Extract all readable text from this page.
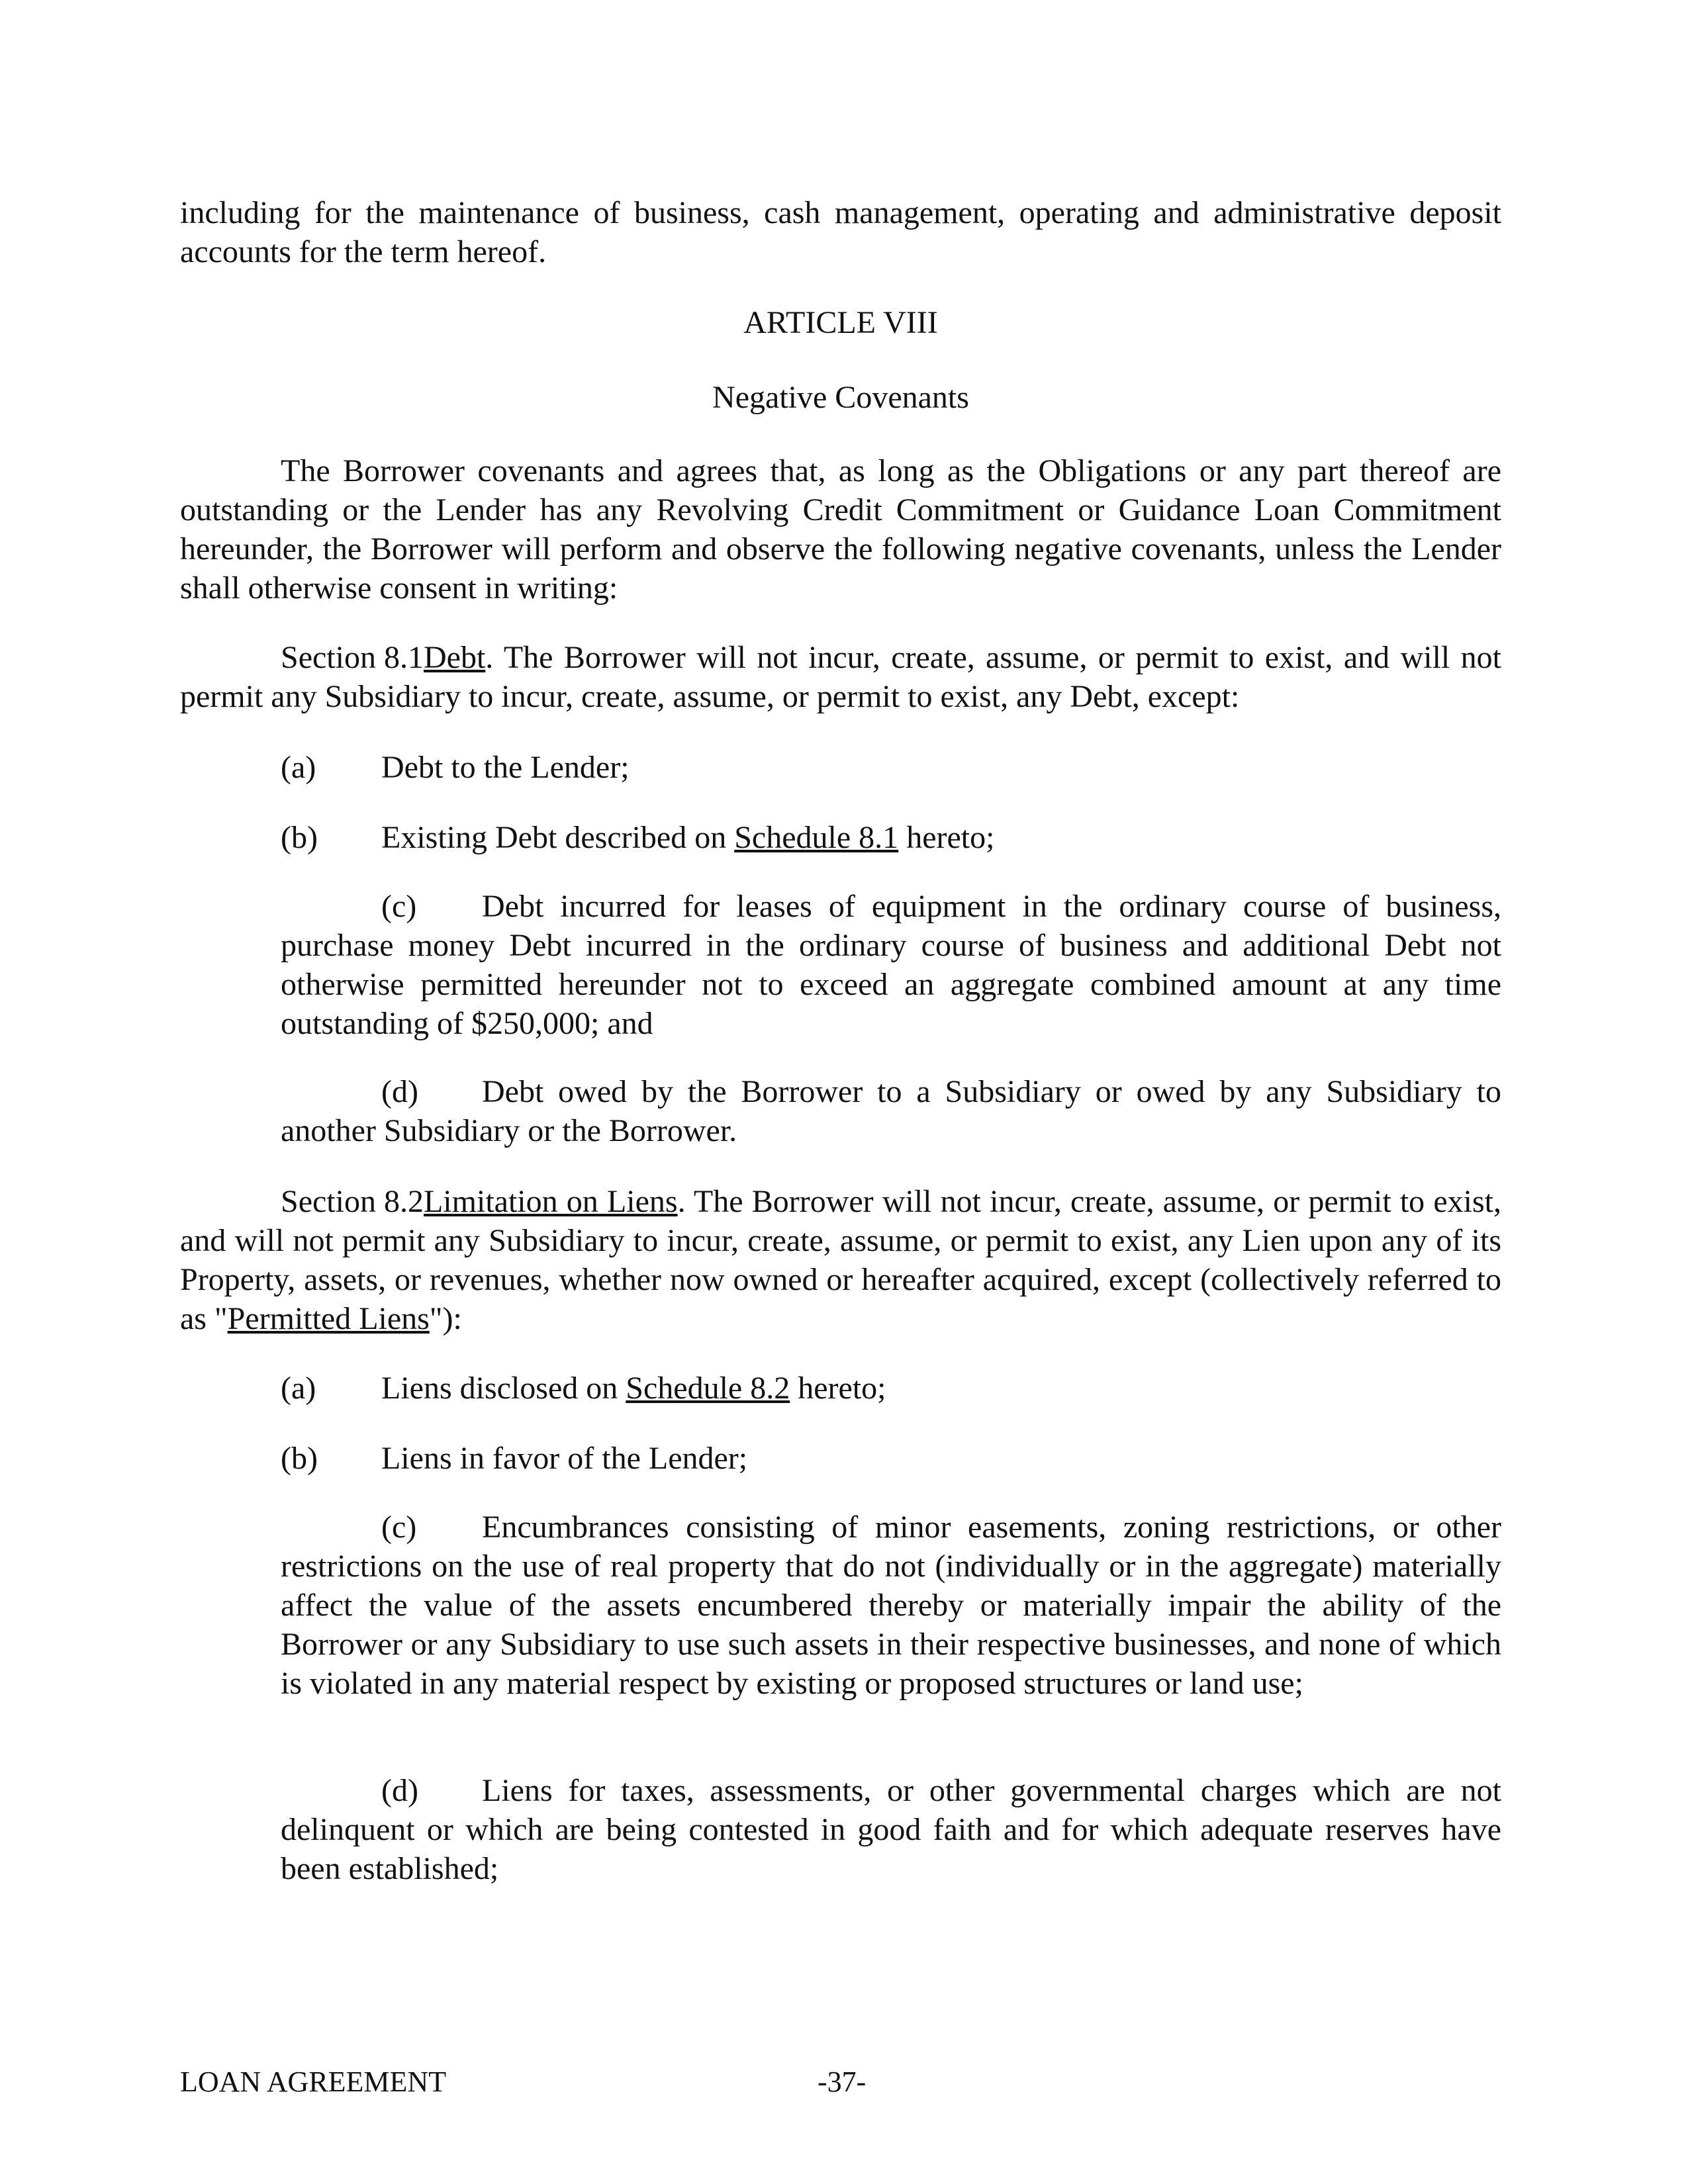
including for the maintenance of business, cash management, operating and administrative deposit accounts for the term hereof.

ARTICLE VIII

Negative Covenants

The Borrower covenants and agrees that, as long as the Obligations or any part thereof are outstanding or the Lender has any Revolving Credit Commitment or Guidance Loan Commitment hereunder, the Borrower will perform and observe the following negative covenants, unless the Lender shall otherwise consent in writing:

Section 8.1Debt. The Borrower will not incur, create, assume, or permit to exist, and will not permit any Subsidiary to incur, create, assume, or permit to exist, any Debt, except:

(a)	Debt to the Lender;

(b)	Existing Debt described on Schedule 8.1 hereto;

(c) Debt incurred for leases of equipment in the ordinary course of business, purchase money Debt incurred in the ordinary course of business and additional Debt not otherwise permitted hereunder not to exceed an aggregate combined amount at any time outstanding of $250,000; and

(d) Debt owed by the Borrower to a Subsidiary or owed by any Subsidiary to another Subsidiary or the Borrower.

Section 8.2Limitation on Liens. The Borrower will not incur, create, assume, or permit to exist, and will not permit any Subsidiary to incur, create, assume, or permit to exist, any Lien upon any of its Property, assets, or revenues, whether now owned or hereafter acquired, except (collectively referred to as "Permitted Liens"):

(a)	Liens disclosed on Schedule 8.2 hereto;

(b)	Liens in favor of the Lender;

(c) Encumbrances consisting of minor easements, zoning restrictions, or other restrictions on the use of real property that do not (individually or in the aggregate) materially affect the value of the assets encumbered thereby or materially impair the ability of the Borrower or any Subsidiary to use such assets in their respective businesses, and none of which is violated in any material respect by existing or proposed structures or land use;

(d) Liens for taxes, assessments, or other governmental charges which are not delinquent or which are being contested in good faith and for which adequate reserves have been established;

LOAN AGREEMENT	-37-
